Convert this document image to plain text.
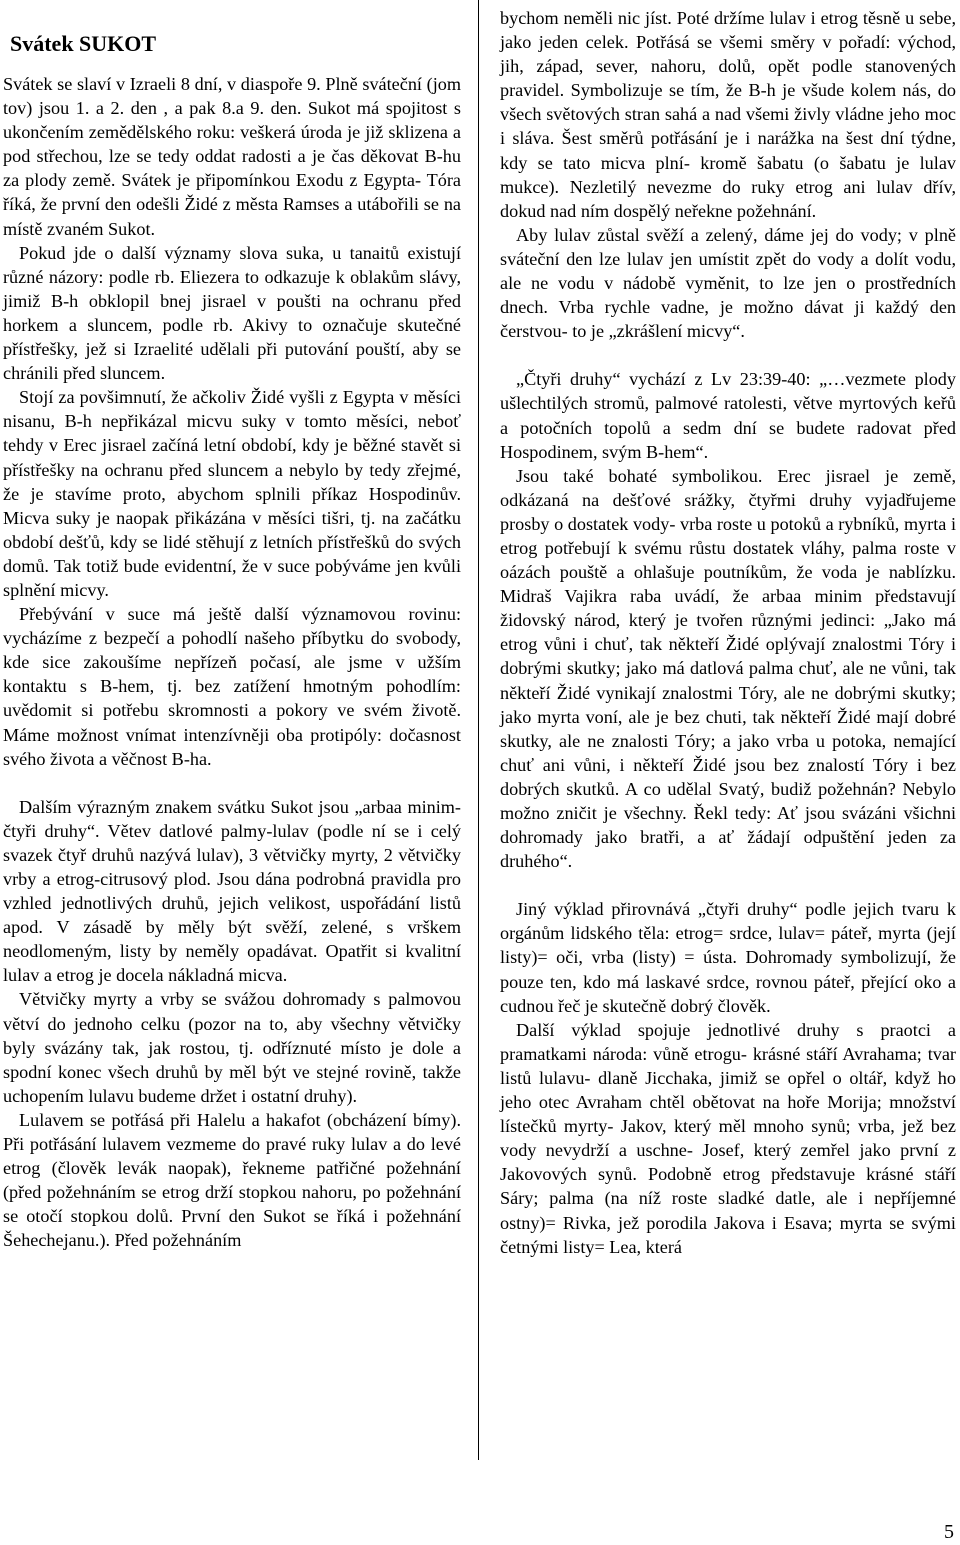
Svátek SUKOT

Svátek se slaví v Izraeli 8 dní, v diaspoře 9. Plně sváteční (jom tov) jsou 1. a 2. den , a pak 8.a 9. den. Sukot má spojitost s ukončením zemědělského roku: veškerá úroda je již sklizena a pod střechou, lze se tedy oddat radosti a je čas děkovat B-hu za plody země. Svátek je připomínkou Exodu z Egypta- Tóra říká, že první den odešli Židé z města Ramses a utábořili se na místě zvaném Sukot.

Pokud jde o další významy slova suka, u tanaitů existují různé názory: podle rb. Eliezera to odkazuje k oblakům slávy, jimiž B-h obklopil bnej jisrael v poušti na ochranu před horkem a sluncem, podle rb. Akivy to označuje skutečné přístřešky, jež si Izraelité udělali při putování pouští, aby se chránili před sluncem.

Stojí za povšimnutí, že ačkoliv Židé vyšli z Egypta v měsíci nisanu, B-h nepřikázal micvu suky v tomto měsíci, neboť tehdy v Erec jisrael začíná letní období, kdy je běžné stavět si přístřešky na ochranu před sluncem a nebylo by tedy zřejmé, že je stavíme proto, abychom splnili příkaz Hospodinův. Micva suky je naopak přikázána v měsíci tišri, tj. na začátku období dešťů, kdy se lidé stěhují z letních přístřešků do svých domů. Tak totiž bude evidentní, že v suce pobýváme jen kvůli splnění micvy.

Přebývání v suce má ještě další významovou rovinu: vycházíme z bezpečí a pohodlí našeho příbytku do svobody, kde sice zakoušíme nepřízeň počasí, ale jsme v užším kontaktu s B-hem, tj. bez zatížení hmotným pohodlím: uvědomit si potřebu skromnosti a pokory ve svém životě. Máme možnost vnímat intenzívněji oba protipóly: dočasnost svého života a věčnost B-ha.

Dalším výrazným znakem svátku Sukot jsou „arbaa minim-čtyři druhy“. Větev datlové palmy-lulav (podle ní se i celý svazek čtyř druhů nazývá lulav), 3 větvičky myrty, 2 větvičky vrby a etrog-citrusový plod. Jsou dána podrobná pravidla pro vzhled jednotlivých druhů, jejich velikost, uspořádání listů apod. V zásadě by měly být svěží, zelené, s vrškem neodlomeným, listy by neměly opadávat. Opatřit si kvalitní lulav a etrog je docela nákladná micva.

Větvičky myrty a vrby se svážou dohromady s palmovou větví do jednoho celku (pozor na to, aby všechny větvičky byly svázány tak, jak rostou, tj. odříznuté místo je dole a spodní konec všech druhů by měl být ve stejné rovině, takže uchopením lulavu budeme držet i ostatní druhy).

Lulavem se potřásá při Halelu a hakafot (obcházení bímy). Při potřásání lulavem vezmeme do pravé ruky lulav a do levé etrog (člověk levák naopak), řekneme patřičné požehnání (před požehnáním se etrog drží stopkou nahoru, po požehnání se otočí stopkou dolů. První den Sukot se říká i požehnání Šehechejanu.). Před požehnáním

bychom neměli nic jíst. Poté držíme lulav i etrog těsně u sebe, jako jeden celek. Potřásá se všemi směry v pořadí: východ, jih, západ, sever, nahoru, dolů, opět podle stanovených pravidel. Symbolizuje se tím, že B-h je všude kolem nás, do všech světových stran sahá a nad všemi živly vládne jeho moc i sláva. Šest směrů potřásání je i narážka na šest dní týdne, kdy se tato micva plní- kromě šabatu (o šabatu je lulav mukce). Nezletilý nevezme do ruky etrog ani lulav dřív, dokud nad ním dospělý neřekne požehnání.

Aby lulav zůstal svěží a zelený, dáme jej do vody; v plně sváteční den lze lulav jen umístit zpět do vody a dolít vodu, ale ne vodu v nádobě vyměnit, to lze jen o prostředních dnech. Vrba rychle vadne, je možno dávat ji každý den čerstvou- to je „zkrášlení micvy“.

„Čtyři druhy“ vychází z Lv 23:39-40: „…vezmete plody ušlechtilých stromů, palmové ratolesti, větve myrtových keřů a potočních topolů a sedm dní se budete radovat před Hospodinem, svým B-hem“.

Jsou také bohaté symbolikou. Erec jisrael je země, odkázaná na dešťové srážky, čtyřmi druhy vyjadřujeme prosby o dostatek vody- vrba roste u potoků a rybníků, myrta i etrog potřebují k svému růstu dostatek vláhy, palma roste v oázách pouště a ohlašuje poutníkům, že voda je nablízku. Midraš Vajikra raba uvádí, že arbaa minim představují židovský národ, který je tvořen různými jedinci: „Jako má etrog vůni i chuť, tak někteří Židé oplývají znalostmi Tóry i dobrými skutky; jako má datlová palma chuť, ale ne vůni, tak někteří Židé vynikají znalostmi Tóry, ale ne dobrými skutky; jako myrta voní, ale je bez chuti, tak někteří Židé mají dobré skutky, ale ne znalosti Tóry; a jako vrba u potoka, nemající chuť ani vůni, i někteří Židé jsou bez znalostí Tóry i bez dobrých skutků. A co udělal Svatý, budiž požehnán? Nebylo možno zničit je všechny. Řekl tedy: Ať jsou svázáni všichni dohromady jako bratři, a ať žádají odpuštění jeden za druhého“.

Jiný výklad přirovnává „čtyři druhy“ podle jejich tvaru k orgánům lidského těla: etrog= srdce, lulav= páteř, myrta (její listy)= oči, vrba (listy) = ústa. Dohromady symbolizují, že pouze ten, kdo má laskavé srdce, rovnou páteř, přející oko a cudnou řeč je skutečně dobrý člověk.

Další výklad spojuje jednotlivé druhy s praotci a pramatkami národa: vůně etrogu- krásné stáří Avrahama; tvar listů lulavu- dlaně Jicchaka, jimiž se opřel o oltář, když ho jeho otec Avraham chtěl obětovat na hoře Morija; množství lístečků myrty- Jakov, který měl mnoho synů; vrba, jež bez vody nevydrží a uschne- Josef, který zemřel jako první z Jakovových synů. Podobně etrog představuje krásné stáří Sáry; palma (na níž roste sladké datle, ale i nepříjemné ostny)= Rivka, jež porodila Jakova i Esava; myrta se svými četnými listy= Lea, která

5
